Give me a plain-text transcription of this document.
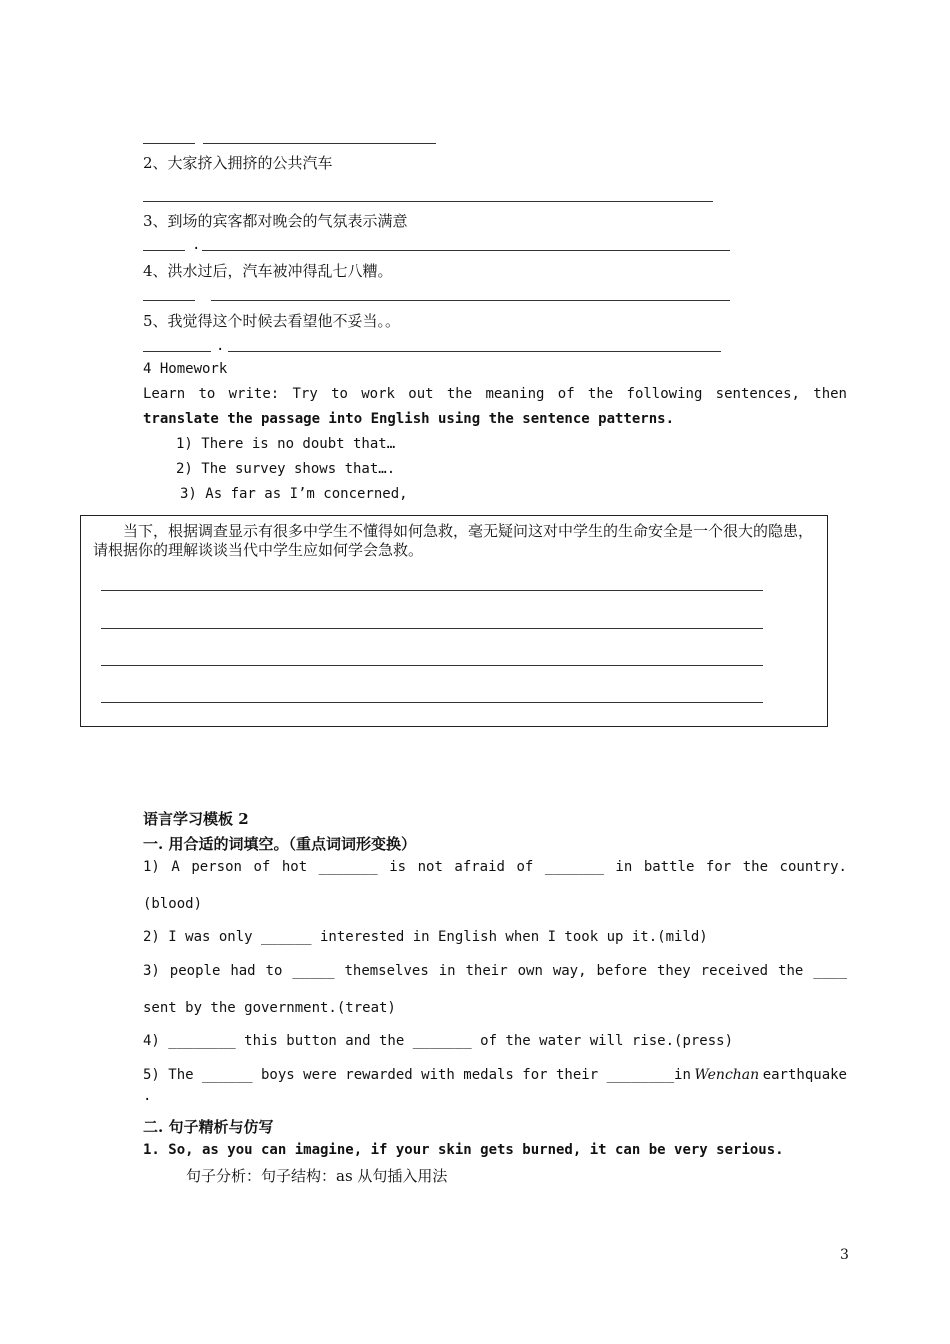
2、大家挤入拥挤的公共汽车
3、到场的宾客都对晚会的气氛表示满意
.
4、洪水过后，汽车被冲得乱七八糟。
5、我觉得这个时候去看望他不妥当。。
.
4 Homework
Learn to write: Try to work out the meaning of the following sentences, then
translate the passage into English using the sentence patterns.
1) There is no doubt that…
2) The survey shows that….
3) As far as I’m concerned,
当下，根据调查显示有很多中学生不懂得如何急救，毫无疑问这对中学生的生命安全是一个很大的隐患，请根据你的理解谈谈当代中学生应如何学会急救。
语言学习模板 2
一. 用合适的词填空。（重点词词形变换）
1) A person of hot _______ is not afraid of _______ in battle for the country.
(blood)
2) I was only ______ interested in English when I took up it.(mild)
3) people had to _____ themselves in their own way, before they received the ____
sent by the government.(treat)
4) ________ this button and the _______ of the water will rise.(press)
5) The ______ boys were rewarded with medals for their ________in Wenchan earthquake
.
二. 句子精析与仿写
1. So, as you can imagine, if your skin gets burned, it can be very serious.
句子分析：句子结构：as 从句插入用法
3
